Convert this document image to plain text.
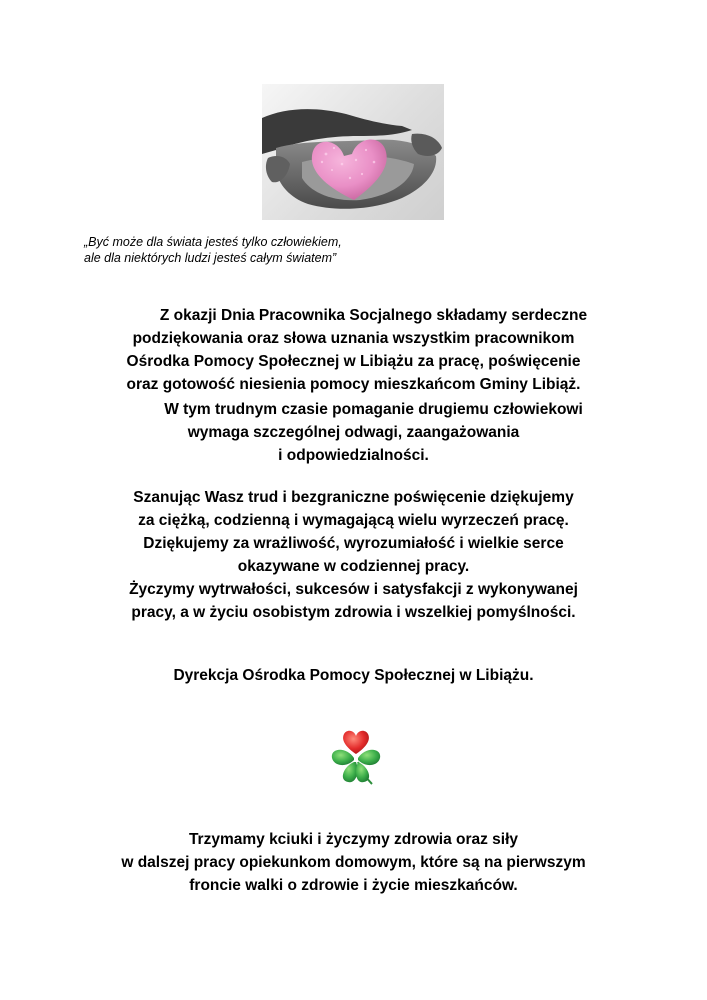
„Być może dla świata jesteś tylko człowiekiem,
ale dla niektórych ludzi jesteś całym światem”
Z okazji Dnia Pracownika Socjalnego składamy serdeczne
podziękowania oraz słowa uznania wszystkim pracownikom
Ośrodka Pomocy Społecznej w Libiążu za pracę, poświęcenie
oraz gotowość niesienia pomocy mieszkańcom Gminy Libiąż.
W tym trudnym czasie pomaganie drugiemu człowiekowi
wymaga szczególnej odwagi, zaangażowania
i odpowiedzialności.
Szanując Wasz trud i bezgraniczne poświęcenie dziękujemy
za ciężką, codzienną i wymagającą wielu wyrzeczeń pracę.
Dziękujemy za wrażliwość, wyrozumiałość i wielkie serce
okazywane w codziennej pracy.
Życzymy wytrwałości, sukcesów i satysfakcji z wykonywanej
pracy, a w życiu osobistym zdrowia i wszelkiej pomyślności.
Dyrekcja Ośrodka Pomocy Społecznej w Libiążu.
Trzymamy kciuki i życzymy zdrowia oraz siły
w dalszej pracy opiekunkom domowym, które są na pierwszym
froncie walki o zdrowie i życie mieszkańców.
